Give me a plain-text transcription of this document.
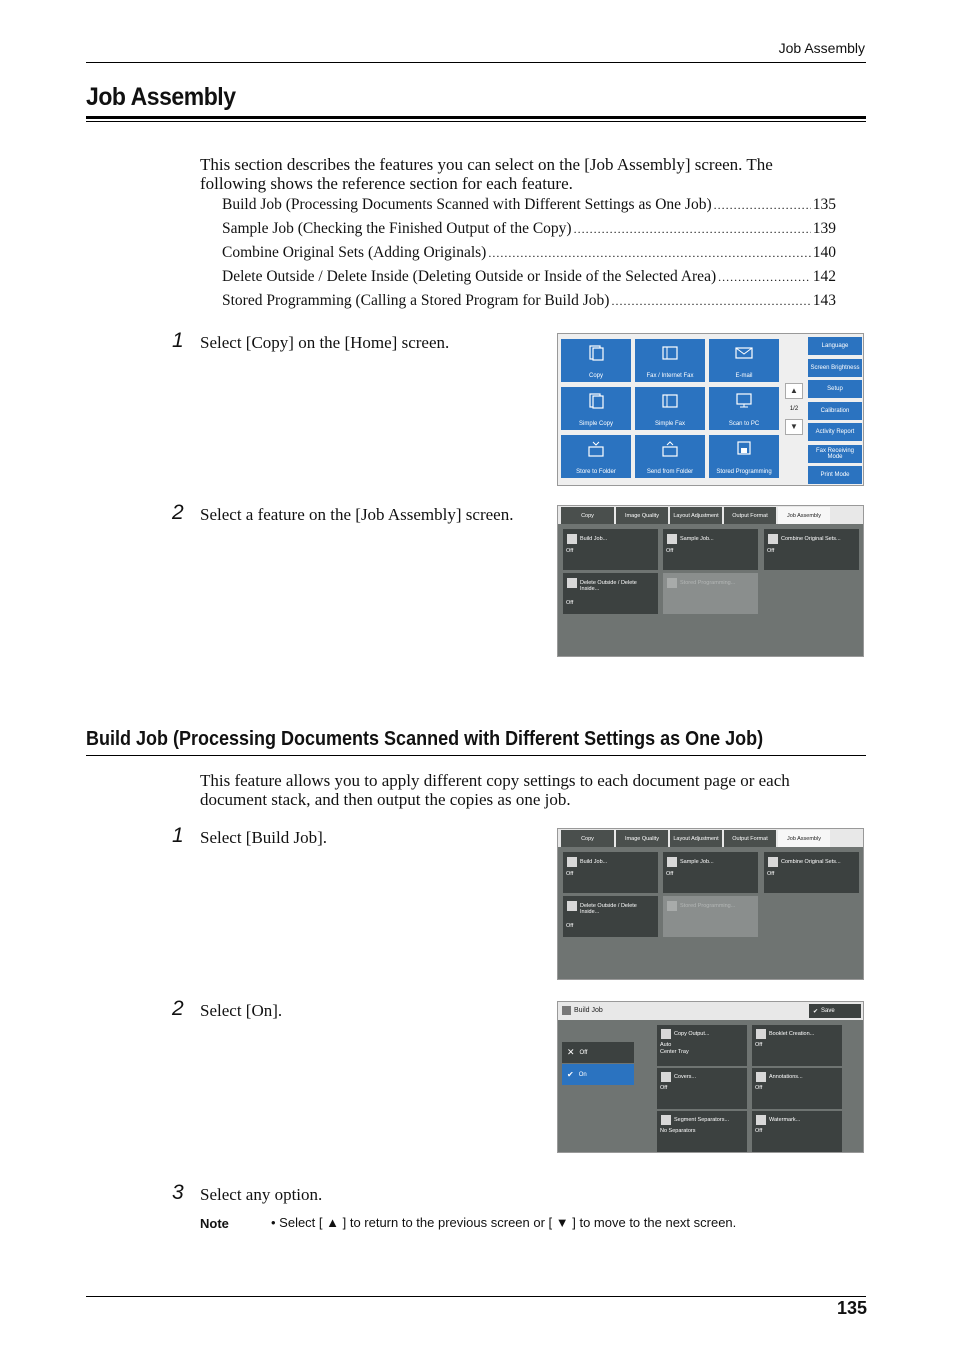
Job Assembly
Job Assembly
This section describes the features you can select on the [Job Assembly] screen. The following shows the reference section for each feature.
Build Job (Processing Documents Scanned with Different Settings as One Job) .....	135
Sample Job (Checking the Finished Output of the Copy) .....	139
Combine Original Sets (Adding Originals) .....	140
Delete Outside / Delete Inside (Deleting Outside or Inside of the Selected Area) .....	142
Stored Programming (Calling a Stored Program for Build Job) .....	143
1 Select [Copy] on the [Home] screen.
2 Select a feature on the [Job Assembly] screen.
Copy	Fax / Internet Fax	E-mail
Simple Copy	Simple Fax	Scan to PC
Store to Folder	Send from Folder	Stored Programming
▲
1/2
▼
Language
Screen Brightness
Setup
Calibration
Activity Report
Fax Receiving Mode
Print Mode
Copy	Image Quality	Layout Adjustment	Output Format	Job Assembly
Build Job...
Off
Sample Job...
Off
Combine Original Sets...
Off
Delete Outside / Delete Inside...
Off
Stored Programming...
Build Job (Processing Documents Scanned with Different Settings as One Job)
This feature allows you to apply different copy settings to each document page or each document stack, and then output the copies as one job.
1 Select [Build Job].	Copy	Image Quality	Layout Adjustment	Output Format	Job Assembly
Build Job...
Off
Sample Job...
Off
Combine Original Sets...
Off
Delete Outside / Delete Inside...
Off
Stored Programming...
2 Select [On].	Build Job	✔ Save
✕ Off
✔ On
Copy Output...
Auto
Center Tray
Booklet Creation...
Off
Covers...
Off
Annotations...
Off
Segment Separators...
No Separators
Watermark...
Off
3 Select any option.
Note	• Select [ ▲ ] to return to the previous screen or [ ▼ ] to move to the next screen.
135
